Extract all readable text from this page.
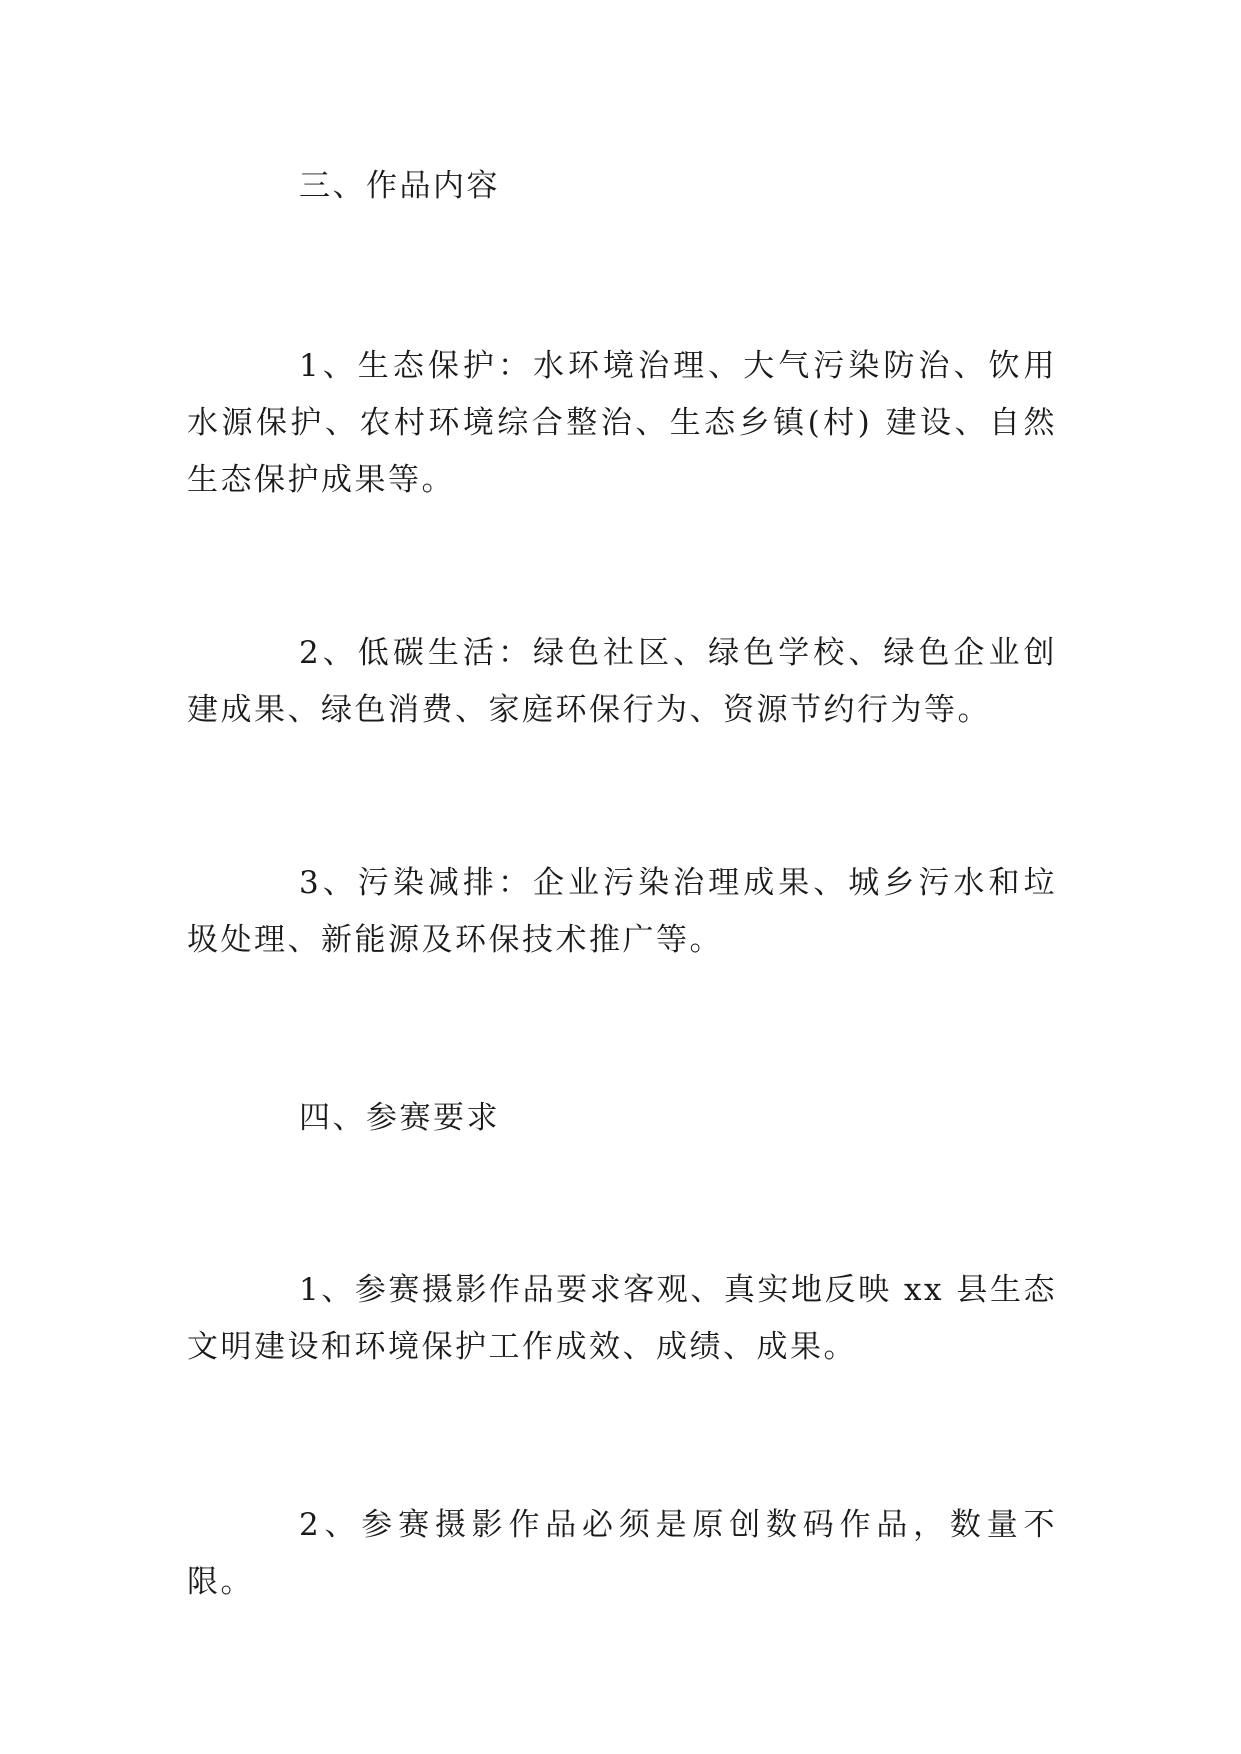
三、作品内容

1、生态保护：水环境治理、大气污染防治、饮用水源保护、农村环境综合整治、生态乡镇(村) 建设、自然生态保护成果等。

2、低碳生活：绿色社区、绿色学校、绿色企业创建成果、绿色消费、家庭环保行为、资源节约行为等。

3、污染减排：企业污染治理成果、城乡污水和垃圾处理、新能源及环保技术推广等。

四、参赛要求

1、参赛摄影作品要求客观、真实地反映 xx 县生态文明建设和环境保护工作成效、成绩、成果。

2、参赛摄影作品必须是原创数码作品，数量不限。
